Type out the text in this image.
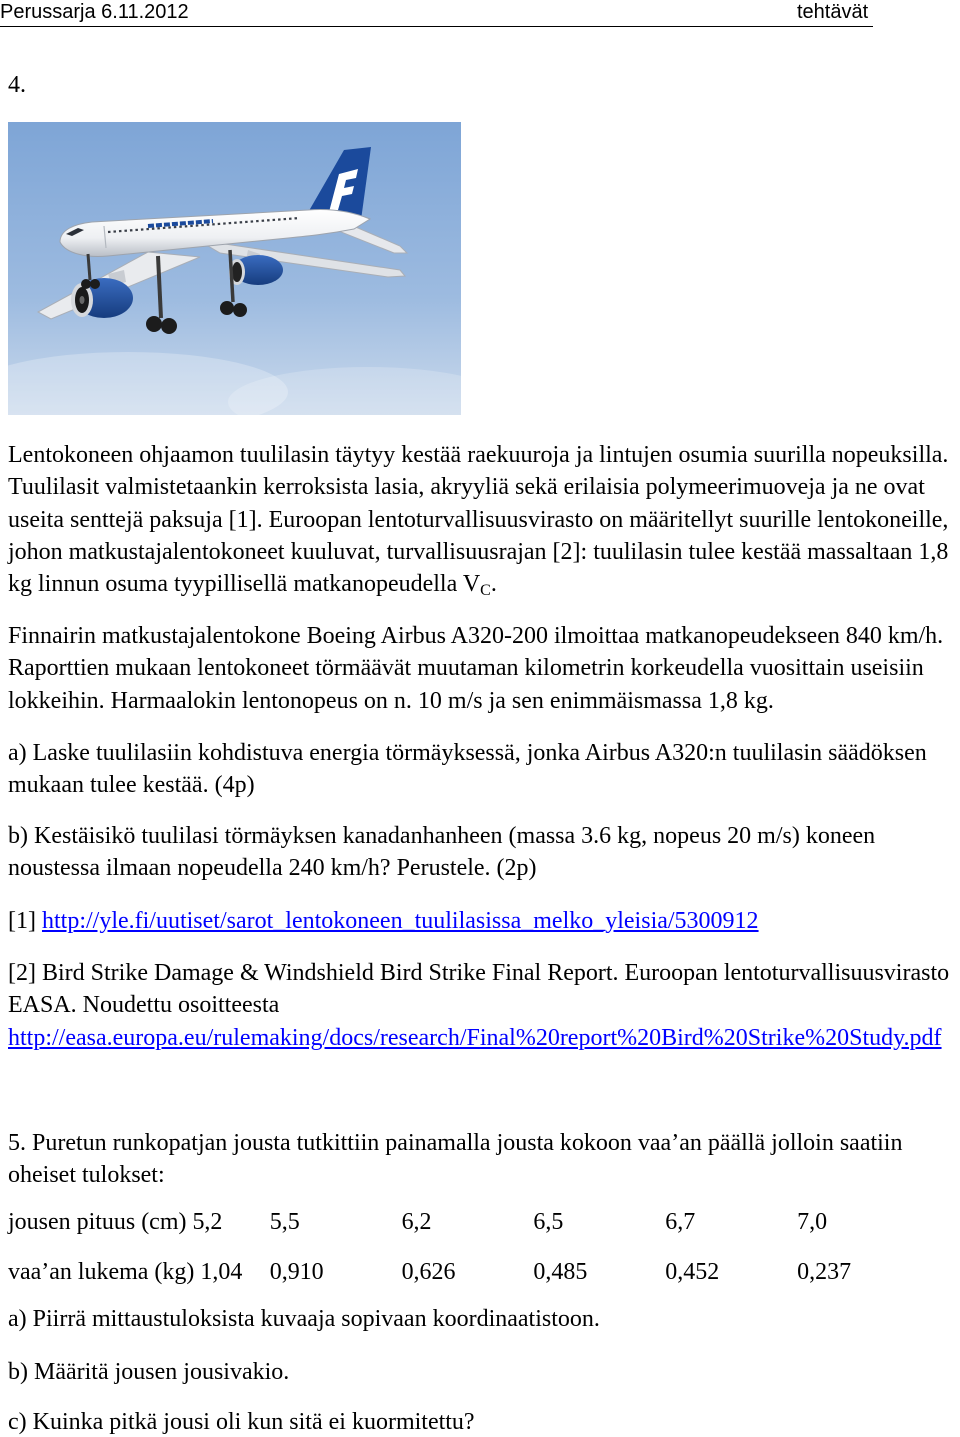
Perussarja 6.11.2012	tehtävät
4.
Lentokoneen ohjaamon tuulilasin täytyy kestää raekuuroja ja lintujen osumia suurilla nopeuksilla.
Tuulilasit valmistetaankin kerroksista lasia, akryyliä sekä erilaisia polymeerimuoveja ja ne ovat
useita senttejä paksuja [1]. Euroopan lentoturvallisuusvirasto on määritellyt suurille lentokoneille,
johon matkustajalentokoneet kuuluvat, turvallisuusrajan [2]: tuulilasin tulee kestää massaltaan 1,8
kg linnun osuma tyypillisellä matkanopeudella $V_C$.
Finnairin matkustajalentokone Boeing Airbus A320-200 ilmoittaa matkanopeudekseen 840 km/h.
Raporttien mukaan lentokoneet törmäävät muutaman kilometrin korkeudella vuosittain useisiin
lokkeihin. Harmaalokin lentonopeus on n. 10 m/s ja sen enimmäismassa 1,8 kg.
a) Laske tuulilasiin kohdistuva energia törmäyksessä, jonka Airbus A320:n tuulilasin säädöksen
mukaan tulee kestää. (4p)
b) Kestäisikö tuulilasi törmäyksen kanadanhanheen (massa 3.6 kg, nopeus 20 m/s) koneen
noustessa ilmaan nopeudella 240 km/h? Perustele. (2p)
[1] http://yle.fi/uutiset/sarot_lentokoneen_tuulilasissa_melko_yleisia/5300912
[2] Bird Strike Damage & Windshield Bird Strike Final Report. Euroopan lentoturvallisuusvirasto
EASA. Noudettu osoitteesta
http://easa.europa.eu/rulemaking/docs/research/Final%20report%20Bird%20Strike%20Study.pdf
5. Puretun runkopatjan jousta tutkittiin painamalla jousta kokoon vaa’an päällä jolloin saatiin
oheiset tulokset:
jousen pituus (cm) 5,2 5,5	6,2	6,5	6,7	7,0
vaa’an lukema (kg) 1,04 0,910	0,626	0,485	0,452	0,237
a) Piirrä mittaustuloksista kuvaaja sopivaan koordinaatistoon.
b) Määritä jousen jousivakio.
c) Kuinka pitkä jousi oli kun sitä ei kuormitettu?
